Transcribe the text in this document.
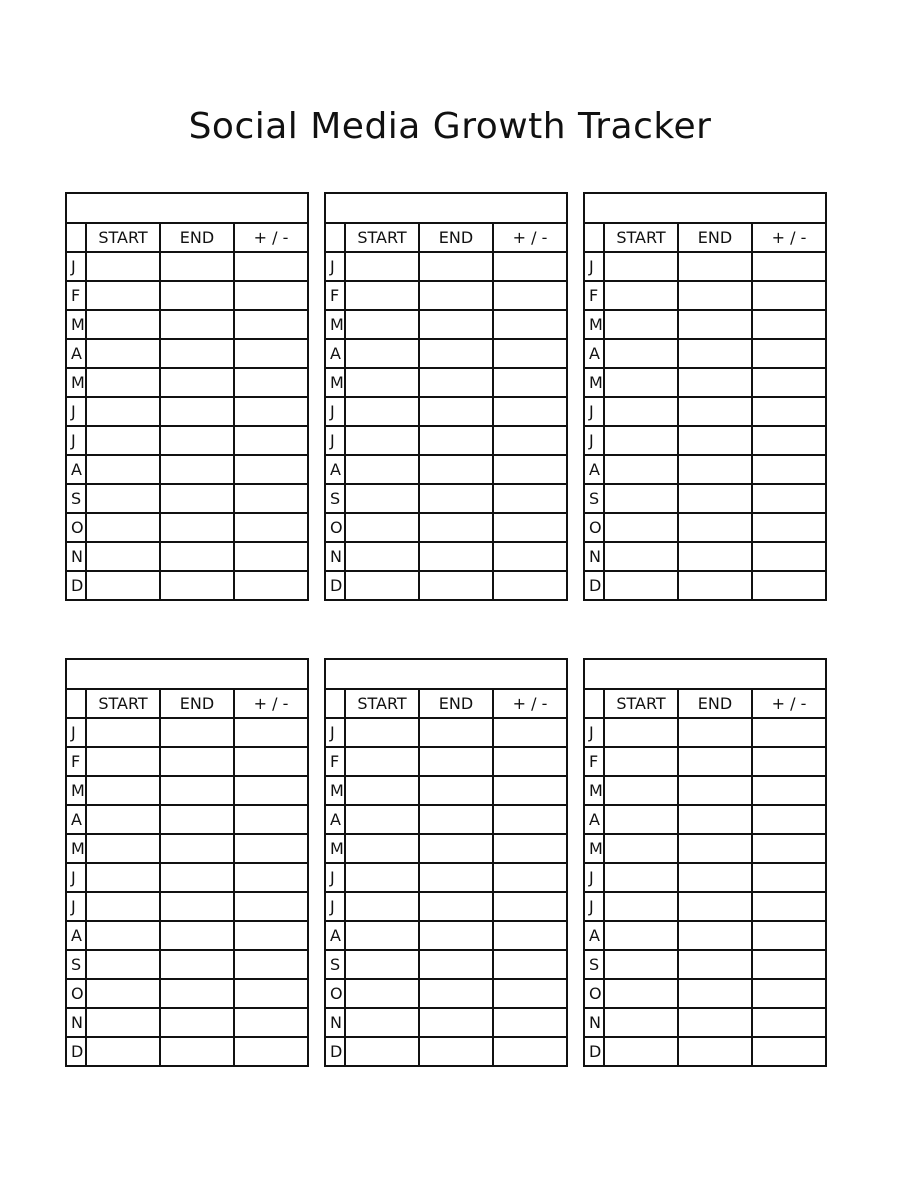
Social Media Growth Tracker

	START	END	+ / -
J			
F			
M			
A			
M			
J			
J			
A			
S			
O			
N			
D			

	START	END	+ / -
J			
F			
M			
A			
M			
J			
J			
A			
S			
O			
N			
D			

	START	END	+ / -
J			
F			
M			
A			
M			
J			
J			
A			
S			
O			
N			
D			

	START	END	+ / -
J			
F			
M			
A			
M			
J			
J			
A			
S			
O			
N			
D			

	START	END	+ / -
J			
F			
M			
A			
M			
J			
J			
A			
S			
O			
N			
D			

	START	END	+ / -
J			
F			
M			
A			
M			
J			
J			
A			
S			
O			
N			
D			
